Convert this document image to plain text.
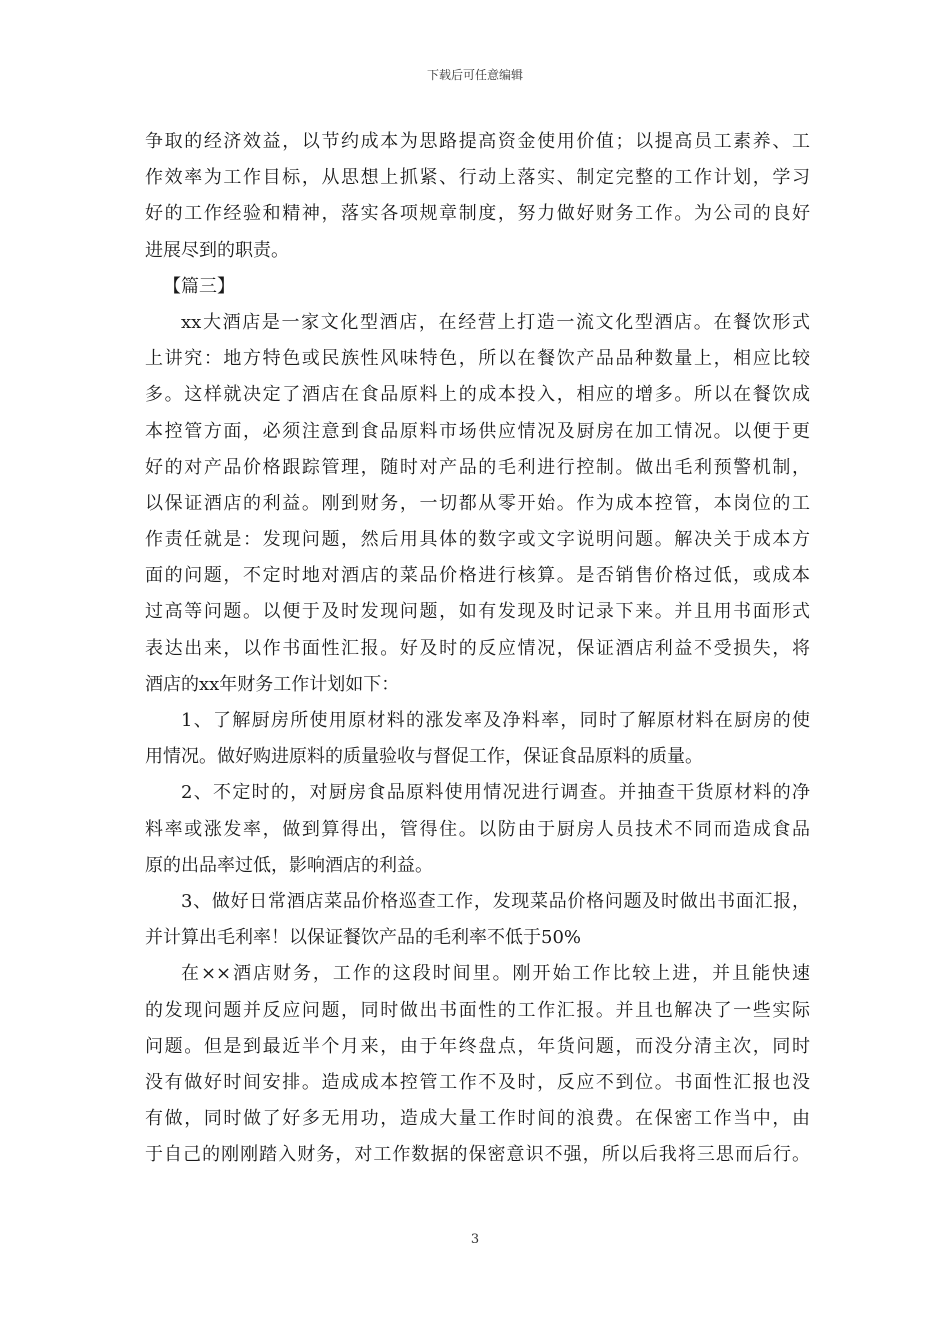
下载后可任意编辑
争取的经济效益，以节约成本为思路提高资金使用价值；以提高员工素养、工
作效率为工作目标，从思想上抓紧、行动上落实、制定完整的工作计划，学习
好的工作经验和精神，落实各项规章制度，努力做好财务工作。为公司的良好
进展尽到的职责。
【篇三】
xx大酒店是一家文化型酒店，在经营上打造一流文化型酒店。在餐饮形式
上讲究：地方特色或民族性风味特色，所以在餐饮产品品种数量上，相应比较
多。这样就决定了酒店在食品原料上的成本投入，相应的增多。所以在餐饮成
本控管方面，必须注意到食品原料市场供应情况及厨房在加工情况。以便于更
好的对产品价格跟踪管理，随时对产品的毛利进行控制。做出毛利预警机制，
以保证酒店的利益。刚到财务，一切都从零开始。作为成本控管，本岗位的工
作责任就是：发现问题，然后用具体的数字或文字说明问题。解决关于成本方
面的问题，不定时地对酒店的菜品价格进行核算。是否销售价格过低，或成本
过高等问题。以便于及时发现问题，如有发现及时记录下来。并且用书面形式
表达出来，以作书面性汇报。好及时的反应情况，保证酒店利益不受损失，将
酒店的xx年财务工作计划如下：
1、了解厨房所使用原材料的涨发率及净料率，同时了解原材料在厨房的使
用情况。做好购进原料的质量验收与督促工作，保证食品原料的质量。
2、不定时的，对厨房食品原料使用情况进行调查。并抽查干货原材料的净
料率或涨发率，做到算得出，管得住。以防由于厨房人员技术不同而造成食品
原的出品率过低，影响酒店的利益。
3、做好日常酒店菜品价格巡查工作，发现菜品价格问题及时做出书面汇报，
并计算出毛利率！以保证餐饮产品的毛利率不低于50%
在××酒店财务，工作的这段时间里。刚开始工作比较上进，并且能快速
的发现问题并反应问题，同时做出书面性的工作汇报。并且也解决了一些实际
问题。但是到最近半个月来，由于年终盘点，年货问题，而没分清主次，同时
没有做好时间安排。造成成本控管工作不及时，反应不到位。书面性汇报也没
有做，同时做了好多无用功，造成大量工作时间的浪费。在保密工作当中，由
于自己的刚刚踏入财务，对工作数据的保密意识不强，所以后我将三思而后行。
3
